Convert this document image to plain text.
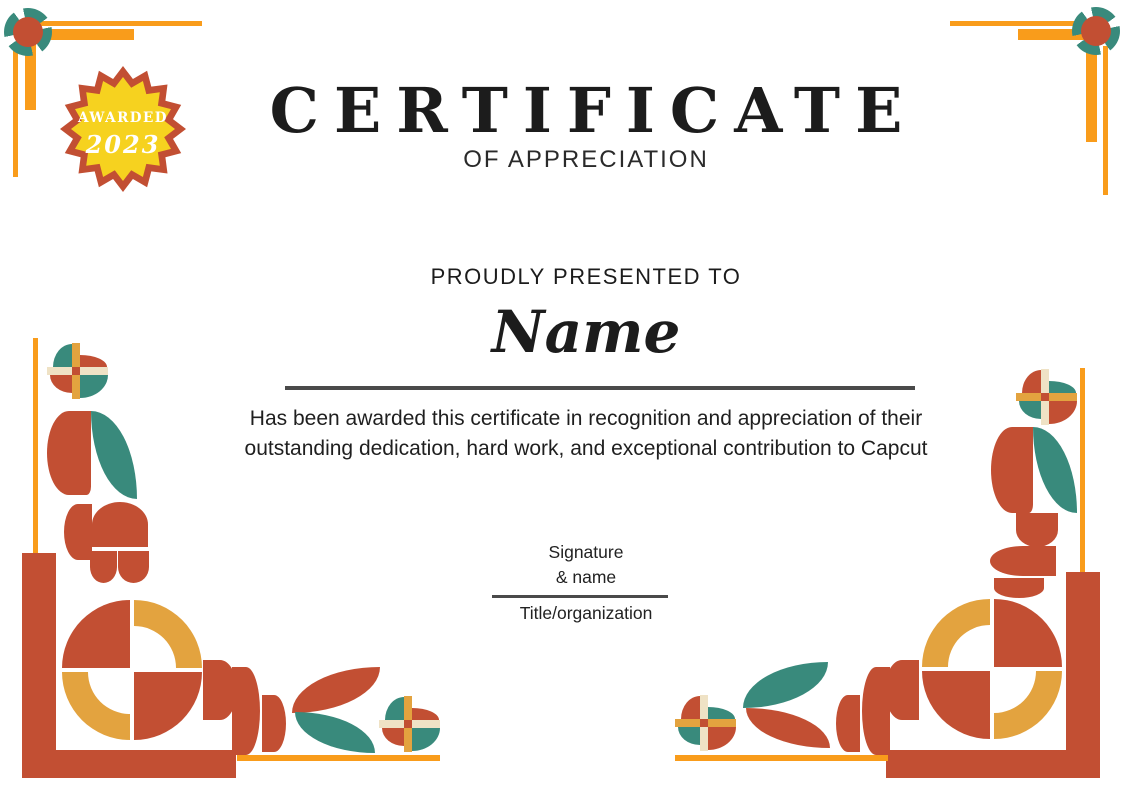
AWARDED
2023	CERTIFICATE
OF APPRECIATION
PROUDLY PRESENTED TO
Name
Has been awarded this certificate in recognition and appreciation of their
outstanding dedication, hard work, and exceptional contribution to Capcut
Signature
& name
Title/organization
